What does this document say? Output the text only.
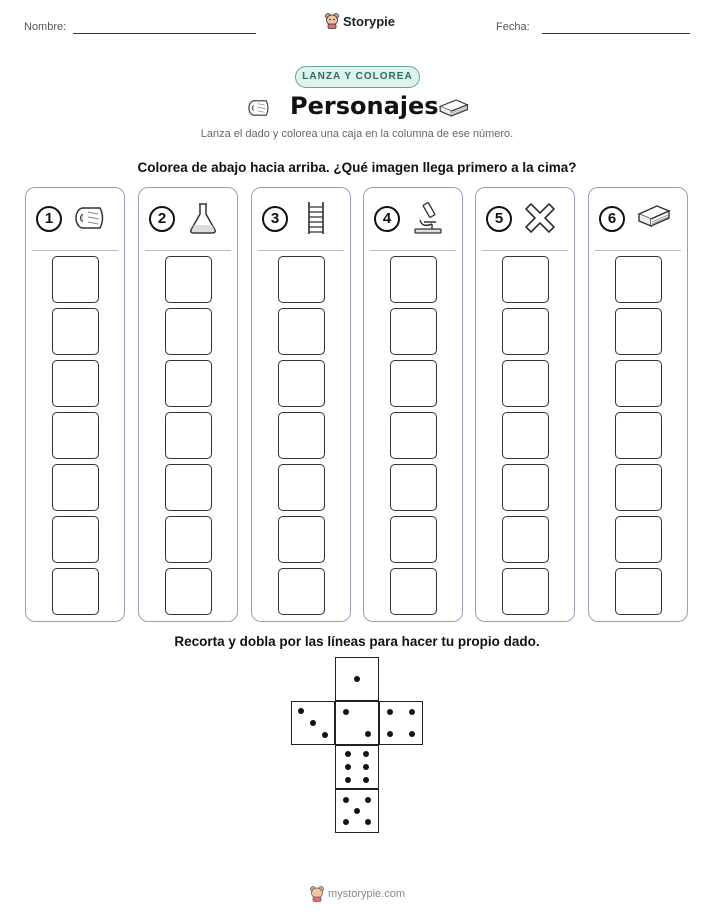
Nombre:	Storypie	Fecha:
LANZA Y COLOREA
Personajes
Lanza el dado y colorea una caja en la columna de ese número.
Colorea de abajo hacia arriba. ¿Qué imagen llega primero a la cima?
1	2	3	4	5	6
Recorta y dobla por las líneas para hacer tu propio dado.
mystorypie.com
